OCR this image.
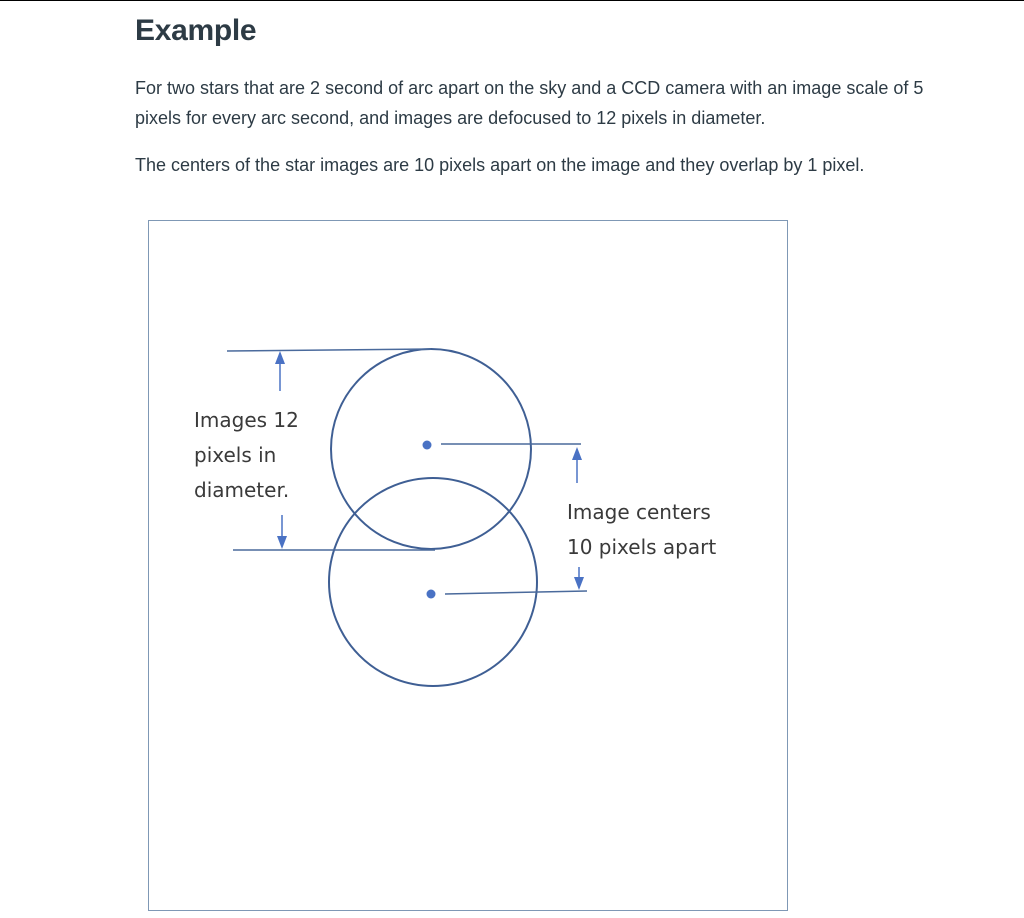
Example

For two stars that are 2 second of arc apart on the sky and a CCD camera with an image scale of 5 pixels for every arc second, and images are defocused to 12 pixels in diameter.

The centers of the star images are 10 pixels apart on the image and they overlap by 1 pixel.

Images 12
pixels in
diameter.
Image centers
10 pixels apart
